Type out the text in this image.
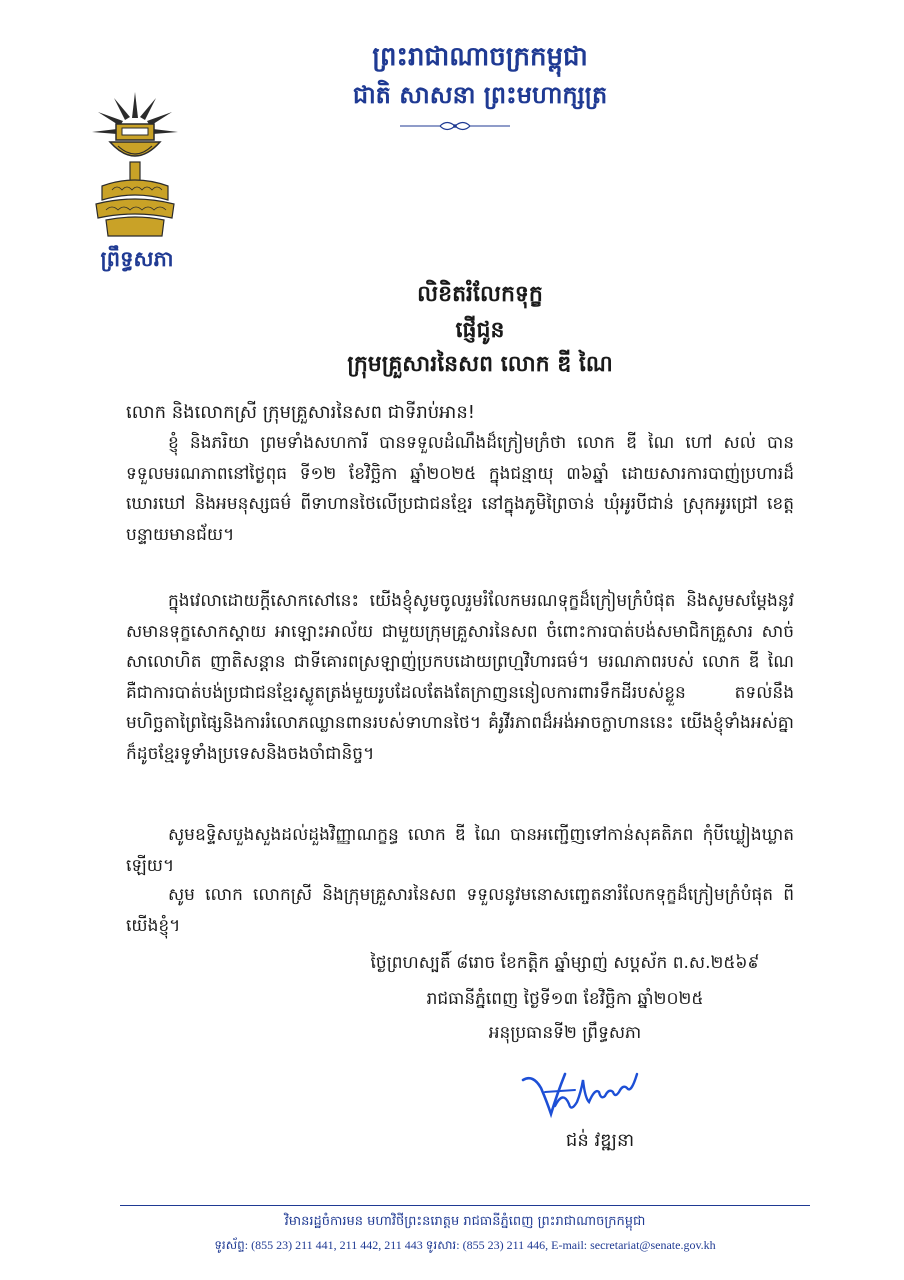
ព្រឹទ្ធសភា
ព្រះរាជាណាចក្រកម្ពុជា
ជាតិ សាសនា ព្រះមហាក្សត្រ
លិខិតរំលែកទុក្ខ
ផ្ញើជូន
ក្រុមគ្រួសារនៃសព លោក ឌី ណៃ
លោក និងលោកស្រី ក្រុមគ្រួសារនៃសព ជាទីរាប់អាន!

ខ្ញុំ និងភរិយា ព្រមទាំងសហការី បានទទួលដំណឹងដ៏ក្រៀមក្រំថា លោក ឌី ណៃ ហៅ សល់ បានទទួលមរណភាពនៅថ្ងៃពុធ ទី១២ ខែវិច្ឆិកា ឆ្នាំ២០២៥ ក្នុងជន្មាយុ ៣៦ឆ្នាំ ដោយសារការបាញ់ប្រហារដ៏ឃោរឃៅ និងអមនុស្សធម៌ ពីទាហានថៃលើប្រជាជនខ្មែរ នៅក្នុងភូមិព្រៃចាន់ ឃុំអូរបីជាន់ ស្រុកអូរជ្រៅ ខេត្តបន្ទាយមានជ័យ។

ក្នុងវេលាដោយក្ដីសោកសៅនេះ យើងខ្ញុំសូមចូលរួមរំលែកមរណទុក្ខដ៏ក្រៀមក្រំបំផុត និងសូមសម្ដែងនូវសមានទុក្ខសោកស្ដាយ អាឡោះអាល័យ ជាមួយក្រុមគ្រួសារនៃសព ចំពោះការបាត់បង់សមាជិកគ្រួសារ សាច់សាលោហិត ញាតិសន្ដាន ជាទីគោរពស្រឡាញ់ប្រកបដោយព្រហ្មវិហារធម៌។ មរណភាពរបស់ លោក ឌី ណៃ គឺជាការបាត់បង់ប្រជាជនខ្មែរស្លូតត្រង់មួយរូបដែលតែងតែក្រាញននៀលការពារទឹកដីរបស់ខ្លួន តទល់នឹងមហិច្ឆតាព្រៃផ្សៃនិងការរំលោភឈ្លានពានរបស់ទាហានថៃ។ គំរូវីរភាពដ៏អង់អាចក្លាហាននេះ យើងខ្ញុំទាំងអស់គ្នា ក៏ដូចខ្មែរទូទាំងប្រទេសនិងចងចាំជានិច្ច។

សូមឧទ្ទិសបួងសួងដល់ដួងវិញ្ញាណក្ខន្ធ លោក ឌី ណៃ បានអញ្ជើញទៅកាន់សុគតិភព កុំបីឃ្លៀងឃ្លាតឡើយ។

សូម លោក លោកស្រី និងក្រុមគ្រួសារនៃសព ទទួលនូវមនោសញ្ចេតនារំលែកទុក្ខដ៏ក្រៀមក្រំបំផុត ពីយើងខ្ញុំ។

ថ្ងៃព្រហស្បតិ៍ ៨រោច ខែកត្តិក ឆ្នាំម្សាញ់ សប្តស័ក ព.ស.២៥៦៩
រាជធានីភ្នំពេញ ថ្ងៃទី១៣ ខែវិច្ឆិកា ឆ្នាំ២០២៥
អនុប្រធានទី២ ព្រឹទ្ធសភា
ជន់ វឌ្ឍនា
វិមានរដ្ឋចំការមន មហាវិថីព្រះនរោត្តម រាជធានីភ្នំពេញ ព្រះរាជាណាចក្រកម្ពុជា
ទូរស័ព្ទ: (855 23) 211 441, 211 442, 211 443 ទូរសារ: (855 23) 211 446, E-mail: secretariat@senate.gov.kh
